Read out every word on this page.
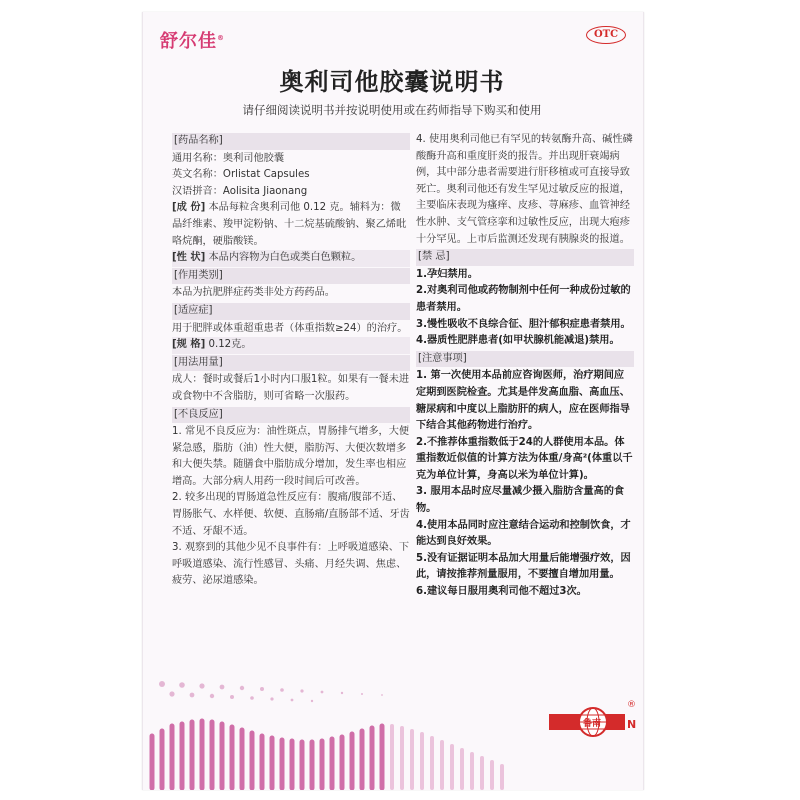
舒尔佳®	OTC
奥利司他胶囊说明书
请仔细阅读说明书并按说明使用或在药师指导下购买和使用
[药品名称]
通用名称：奥利司他胶囊
英文名称：Orlistat Capsules
汉语拼音：Aolisita Jiaonang
[成 份] 本品每粒含奥利司他 0.12 克。辅料为：微晶纤维素、羧甲淀粉钠、十二烷基硫酸钠、聚乙烯吡咯烷酮，硬脂酸镁。
[性 状] 本品内容物为白色或类白色颗粒。
[作用类别]
本品为抗肥胖症药类非处方药药品。
[适应症]
用于肥胖或体重超重患者（体重指数≥24）的治疗。
[规 格] 0.12克。
[用法用量]
成人：餐时或餐后1小时内口服1粒。如果有一餐未进或食物中不含脂肪，则可省略一次服药。
[不良反应]
1. 常见不良反应为：油性斑点，胃肠排气增多，大便紧急感，脂肪（油）性大便，脂肪泻、大便次数增多和大便失禁。随膳食中脂肪成分增加，发生率也相应增高。大部分病人用药一段时间后可改善。
2. 较多出现的胃肠道急性反应有：腹痛/腹部不适、胃肠胀气、水样便、软便、直肠痛/直肠部不适、牙齿不适、牙龈不适。
3. 观察到的其他少见不良事件有：上呼吸道感染、下呼吸道感染、流行性感冒、头痛、月经失调、焦虑、疲劳、泌尿道感染。
4. 使用奥利司他已有罕见的转氨酶升高、碱性磷酸酶升高和重度肝炎的报告。并出现肝衰竭病例，其中部分患者需要进行肝移植或可直接导致死亡。奥利司他还有发生罕见过敏反应的报道，主要临床表现为瘙痒、皮疹、荨麻疹、血管神经性水肿、支气管痉挛和过敏性反应，出现大疱疹十分罕见。上市后监测还发现有胰腺炎的报道。
[禁 忌]
1.孕妇禁用。
2.对奥利司他或药物制剂中任何一种成份过敏的患者禁用。
3.慢性吸收不良综合征、胆汁郁积症患者禁用。
4.器质性肥胖患者(如甲状腺机能减退)禁用。
[注意事项]
1. 第一次使用本品前应咨询医师，治疗期间应定期到医院检查。尤其是伴发高血脂、高血压、糖尿病和中度以上脂肪肝的病人，应在医师指导下结合其他药物进行治疗。
2.不推荐体重指数低于24的人群使用本品。体重指数近似值的计算方法为体重/身高²(体重以千克为单位计算，身高以米为单位计算)。
3. 服用本品时应尽量减少摄入脂肪含量高的食物。
4.使用本品同时应注意结合运动和控制饮食，才能达到良好效果。
5.没有证据证明本品加大用量后能增强疗效，因此，请按推荐剂量服用，不要擅自增加用量。
6.建议每日服用奥利司他不超过3次。
N
鲁南
®
